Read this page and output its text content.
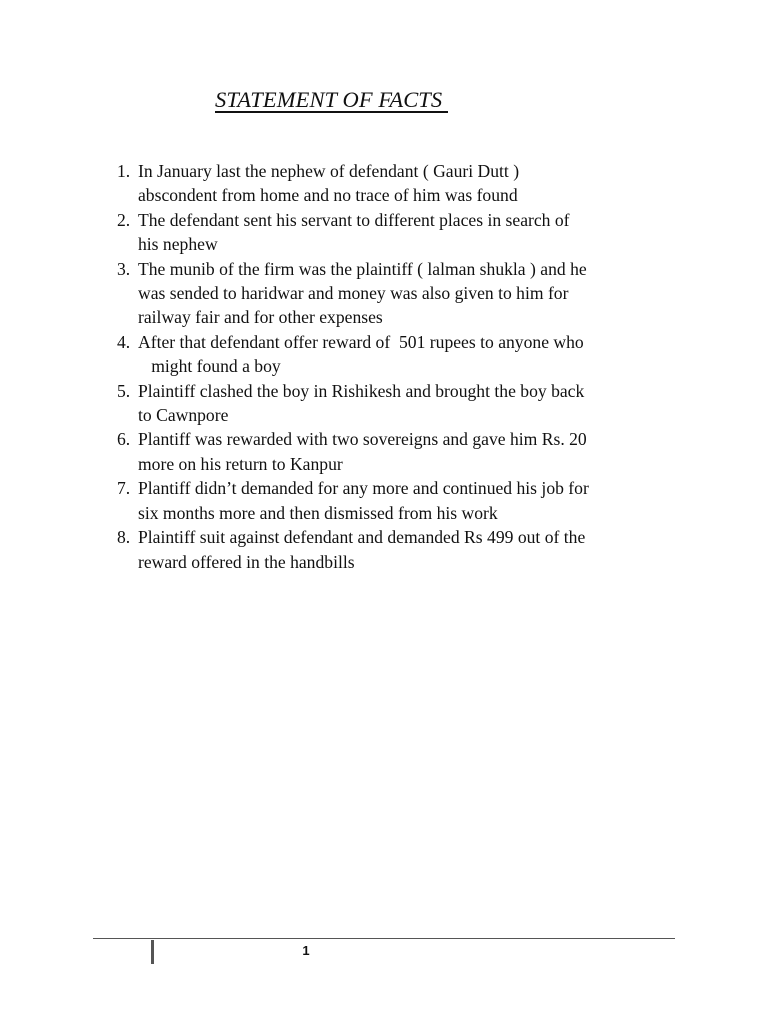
STATEMENT OF FACTS
1. In January last the nephew of defendant ( Gauri Dutt )
abscondent from home and no trace of him was found
2. The defendant sent his servant to different places in search of
his nephew
3. The munib of the firm was the plaintiff ( lalman shukla ) and he
was sended to haridwar and money was also given to him for
railway fair and for other expenses
4. After that defendant offer reward of  501 rupees to anyone who
might found a boy
5. Plaintiff clashed the boy in Rishikesh and brought the boy back
to Cawnpore
6. Plantiff was rewarded with two sovereigns and gave him Rs. 20
more on his return to Kanpur
7. Plantiff didn’t demanded for any more and continued his job for
six months more and then dismissed from his work
8. Plaintiff suit against defendant and demanded Rs 499 out of the
reward offered in the handbills
1
